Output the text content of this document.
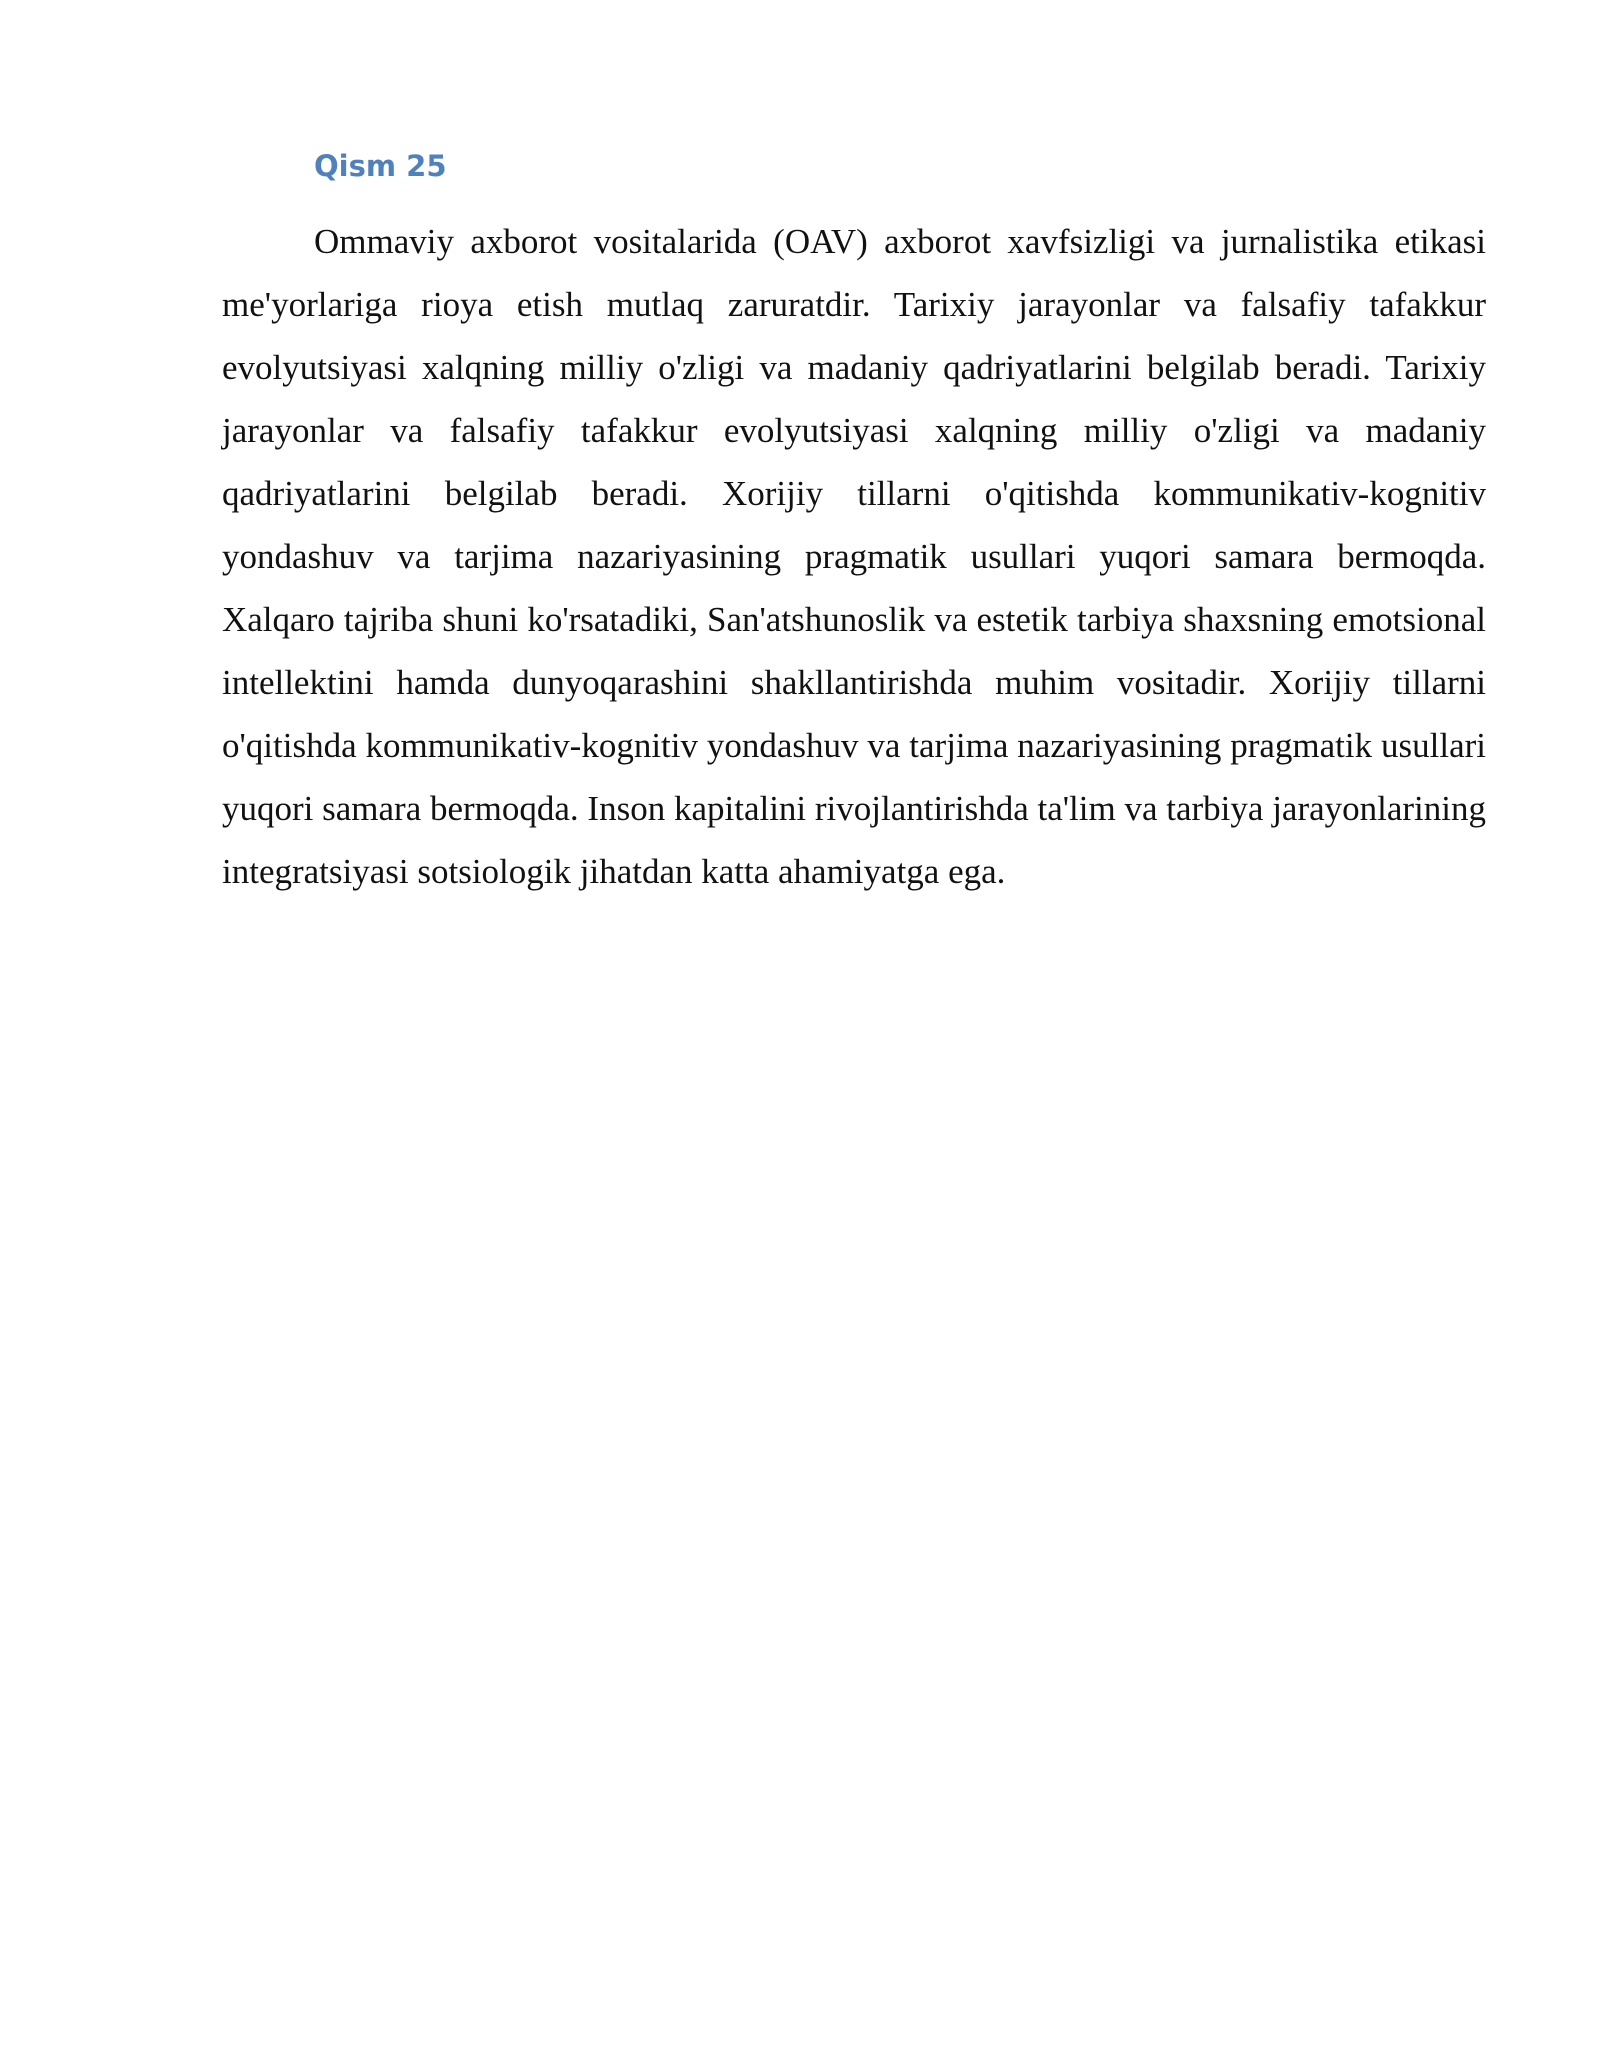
Qism 25

Ommaviy axborot vositalarida (OAV) axborot xavfsizligi va jurnalistika etikasi me'yorlariga rioya etish mutlaq zaruratdir. Tarixiy jarayonlar va falsafiy tafakkur evolyutsiyasi xalqning milliy o'zligi va madaniy qadriyatlarini belgilab beradi. Tarixiy jarayonlar va falsafiy tafakkur evolyutsiyasi xalqning milliy o'zligi va madaniy qadriyatlarini belgilab beradi. Xorijiy tillarni o'qitishda kommunikativ-kognitiv yondashuv va tarjima nazariyasining pragmatik usullari yuqori samara bermoqda. Xalqaro tajriba shuni ko'rsatadiki, San'atshunoslik va estetik tarbiya shaxsning emotsional intellektini hamda dunyoqarashini shakllantirishda muhim vositadir. Xorijiy tillarni o'qitishda kommunikativ-kognitiv yondashuv va tarjima nazariyasining pragmatik usullari yuqori samara bermoqda. Inson kapitalini rivojlantirishda ta'lim va tarbiya jarayonlarining integratsiyasi sotsiologik jihatdan katta ahamiyatga ega.
